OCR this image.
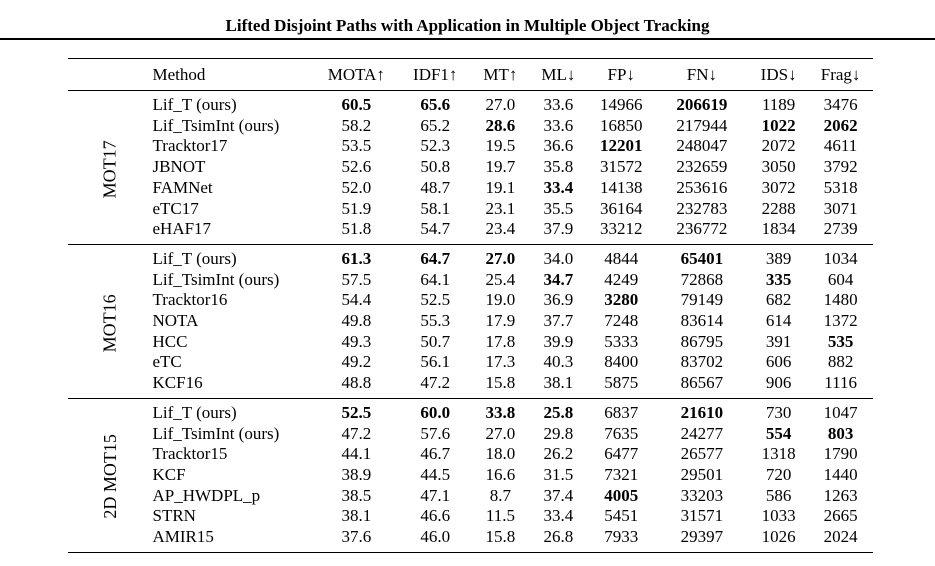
Lifted Disjoint Paths with Application in Multiple Object Tracking
	Method	MOTA↑	IDF1↑	MT↑	ML↓	FP↓	FN↓	IDS↓	Frag↓
MOT17	Lif_T (ours)	60.5	65.6	27.0	33.6	14966	206619	1189	3476
	Lif_TsimInt (ours)	58.2	65.2	28.6	33.6	16850	217944	1022	2062
	Tracktor17	53.5	52.3	19.5	36.6	12201	248047	2072	4611
	JBNOT	52.6	50.8	19.7	35.8	31572	232659	3050	3792
	FAMNet	52.0	48.7	19.1	33.4	14138	253616	3072	5318
	eTC17	51.9	58.1	23.1	35.5	36164	232783	2288	3071
	eHAF17	51.8	54.7	23.4	37.9	33212	236772	1834	2739
MOT16	Lif_T (ours)	61.3	64.7	27.0	34.0	4844	65401	389	1034
	Lif_TsimInt (ours)	57.5	64.1	25.4	34.7	4249	72868	335	604
	Tracktor16	54.4	52.5	19.0	36.9	3280	79149	682	1480
	NOTA	49.8	55.3	17.9	37.7	7248	83614	614	1372
	HCC	49.3	50.7	17.8	39.9	5333	86795	391	535
	eTC	49.2	56.1	17.3	40.3	8400	83702	606	882
	KCF16	48.8	47.2	15.8	38.1	5875	86567	906	1116
2D MOT15	Lif_T (ours)	52.5	60.0	33.8	25.8	6837	21610	730	1047
	Lif_TsimInt (ours)	47.2	57.6	27.0	29.8	7635	24277	554	803
	Tracktor15	44.1	46.7	18.0	26.2	6477	26577	1318	1790
	KCF	38.9	44.5	16.6	31.5	7321	29501	720	1440
	AP_HWDPL_p	38.5	47.1	8.7	37.4	4005	33203	586	1263
	STRN	38.1	46.6	11.5	33.4	5451	31571	1033	2665
	AMIR15	37.6	46.0	15.8	26.8	7933	29397	1026	2024
